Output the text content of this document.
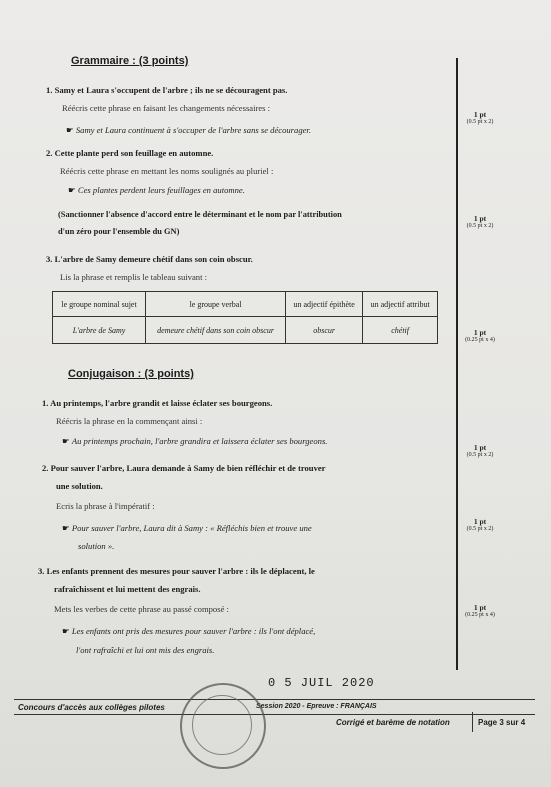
Grammaire : (3 points)
1. Samy et Laura s'occupent de l'arbre ; ils ne se découragent pas.
Réécris cette phrase en faisant les changements nécessaires :
☛ Samy et Laura continuent à s'occuper de l'arbre sans se décourager.
2. Cette plante perd son feuillage en automne.
Réécris cette phrase en mettant les noms soulignés au pluriel :
☛ Ces plantes perdent leurs feuillages en automne.
(Sanctionner l'absence d'accord entre le déterminant et le nom par l'attribution
d'un zéro pour l'ensemble du GN)
3. L'arbre de Samy demeure chétif dans son coin obscur.
Lis la phrase et remplis le tableau suivant :
le groupe nominal sujet	le groupe verbal	un adjectif épithète	un adjectif attribut
L'arbre de Samy	demeure chétif dans son coin obscur	obscur	chétif
Conjugaison : (3 points)
1. Au printemps, l'arbre grandit et laisse éclater ses bourgeons.
Réécris la phrase en la commençant ainsi :
☛ Au printemps prochain, l'arbre grandira et laissera éclater ses bourgeons.
2. Pour sauver l'arbre, Laura demande à Samy de bien réfléchir et de trouver
une solution.
Ecris la phrase à l'impératif :
☛ Pour sauver l'arbre, Laura dit à Samy : « Réfléchis bien et trouve une
solution ».
3. Les enfants prennent des mesures pour sauver l'arbre : ils le déplacent, le
rafraîchissent et lui mettent des engrais.
Mets les verbes de cette phrase au passé composé :
☛ Les enfants ont pris des mesures pour sauver l'arbre : ils l'ont déplacé,
l'ont rafraîchi et lui ont mis des engrais.
1 pt
(0.5 pt x 2)
1 pt
(0.5 pt x 2)
1 pt
(0.25 pt x 4)
1 pt
(0.5 pt x 2)
1 pt
(0.5 pt x 2)
1 pt
(0.25 pt x 4)
0 5 JUIL 2020
Concours d'accès aux collèges pilotes	Session 2020 - Epreuve : FRANÇAIS
Corrigé et barème de notation	Page 3 sur 4
